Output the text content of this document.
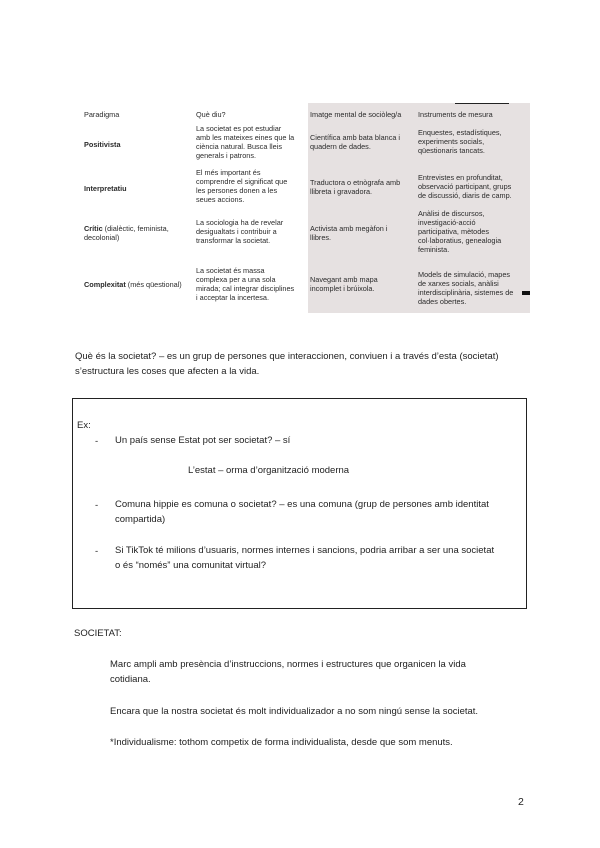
Paradigma	Què diu?	Imatge mental de sociòleg/a Instruments de mesura
Positivista
La societat es pot estudiar
amb les mateixes eines que la
ciència natural. Busca lleis
generals i patrons.
Científica amb bata blanca i
quadern de dades.
Enquestes, estadístiques,
experiments socials,
qüestionaris tancats.
Interpretatiu
El més important és
comprendre el significat que
les persones donen a les
seues accions.
Traductora o etnògrafa amb
llibreta i gravadora.
Entrevistes en profunditat,
observació participant, grups
de discussió, diaris de camp.
Crític (dialèctic, feminista,
decolonial)
La sociologia ha de revelar
desigualtats i contribuir a
transformar la societat.
Activista amb megàfon i
llibres.
Anàlisi de discursos,
investigació-acció
participativa, mètodes
col·laboratius, genealogia
feminista.
Complexitat (més qüestional)
La societat és massa
complexa per a una sola
mirada; cal integrar disciplines
i acceptar la incertesa.
Navegant amb mapa
incomplet i brúixola.
Models de simulació, mapes
de xarxes socials, anàlisi
interdisciplinària, sistemes de
dades obertes.
Què és la societat? – es un grup de persones que interaccionen, conviuen i a través d’esta (societat)
s’estructura les coses que afecten a la vida.
Ex:
- Un país sense Estat pot ser societat? – sí
L’estat – orma d’organització moderna
- Comuna hippie es comuna o societat? – es una comuna (grup de persones amb identitat
compartida)
- Si TikTok té milions d’usuaris, normes internes i sancions, podria arribar a ser una societat
o és “només” una comunitat virtual?
SOCIETAT:
Marc ampli amb presència d’instruccions, normes i estructures que organicen la vida
cotidiana.
Encara que la nostra societat és molt individualizador a no som ningú sense la societat.
*Individualisme: tothom competix de forma individualista, desde que som menuts.
2
